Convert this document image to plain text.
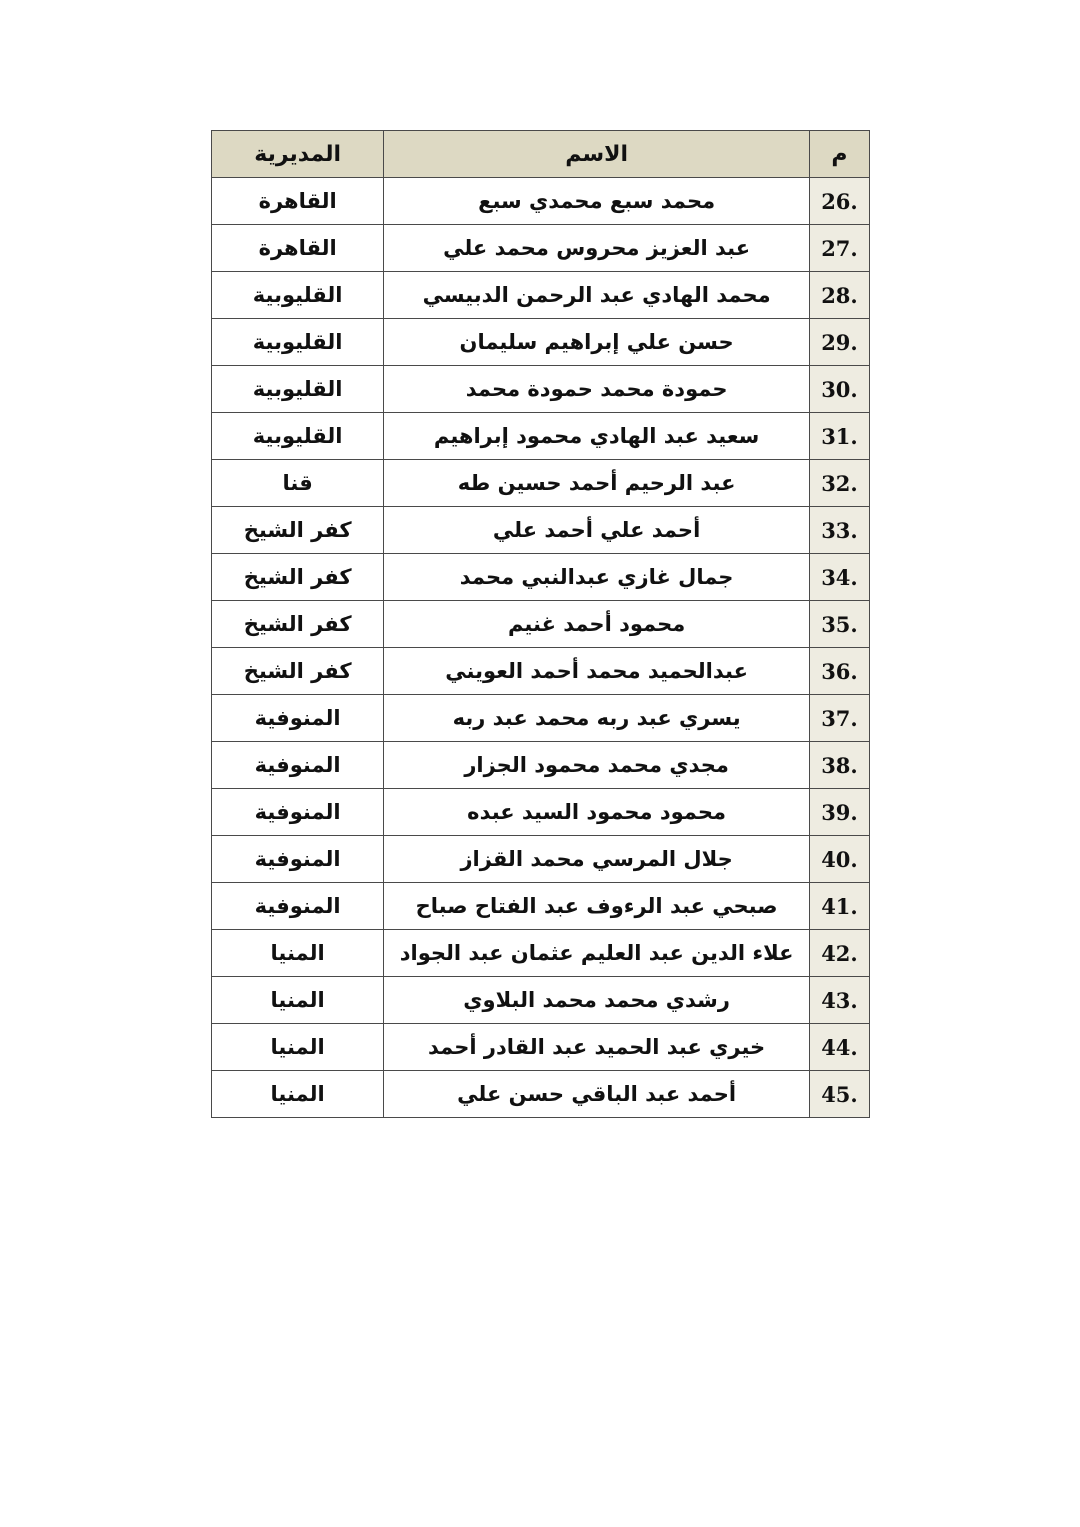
م	الاسم	المديرية
26.	محمد سبع محمدي سبع	القاهرة
27.	عبد العزيز محروس محمد علي	القاهرة
28.	محمد الهادي عبد الرحمن الدبيسي	القليوبية
29.	حسن علي إبراهيم سليمان	القليوبية
30.	حمودة محمد حمودة محمد	القليوبية
31.	سعيد عبد الهادي محمود إبراهيم	القليوبية
32.	عبد الرحيم أحمد حسين طه	قنا
33.	أحمد علي أحمد علي	كفر الشيخ
34.	جمال غازي عبدالنبي محمد	كفر الشيخ
35.	محمود أحمد غنيم	كفر الشيخ
36.	عبدالحميد محمد أحمد العويني	كفر الشيخ
37.	يسري عبد ربه محمد عبد ربه	المنوفية
38.	مجدي محمد محمود الجزار	المنوفية
39.	محمود محمود السيد عبده	المنوفية
40.	جلال المرسي محمد القزاز	المنوفية
41.	صبحي عبد الرءوف عبد الفتاح صباح	المنوفية
42.	علاء الدين عبد العليم عثمان عبد الجواد	المنيا
43.	رشدي محمد محمد البلاوي	المنيا
44.	خيري عبد الحميد عبد القادر أحمد	المنيا
45.	أحمد عبد الباقي حسن علي	المنيا
